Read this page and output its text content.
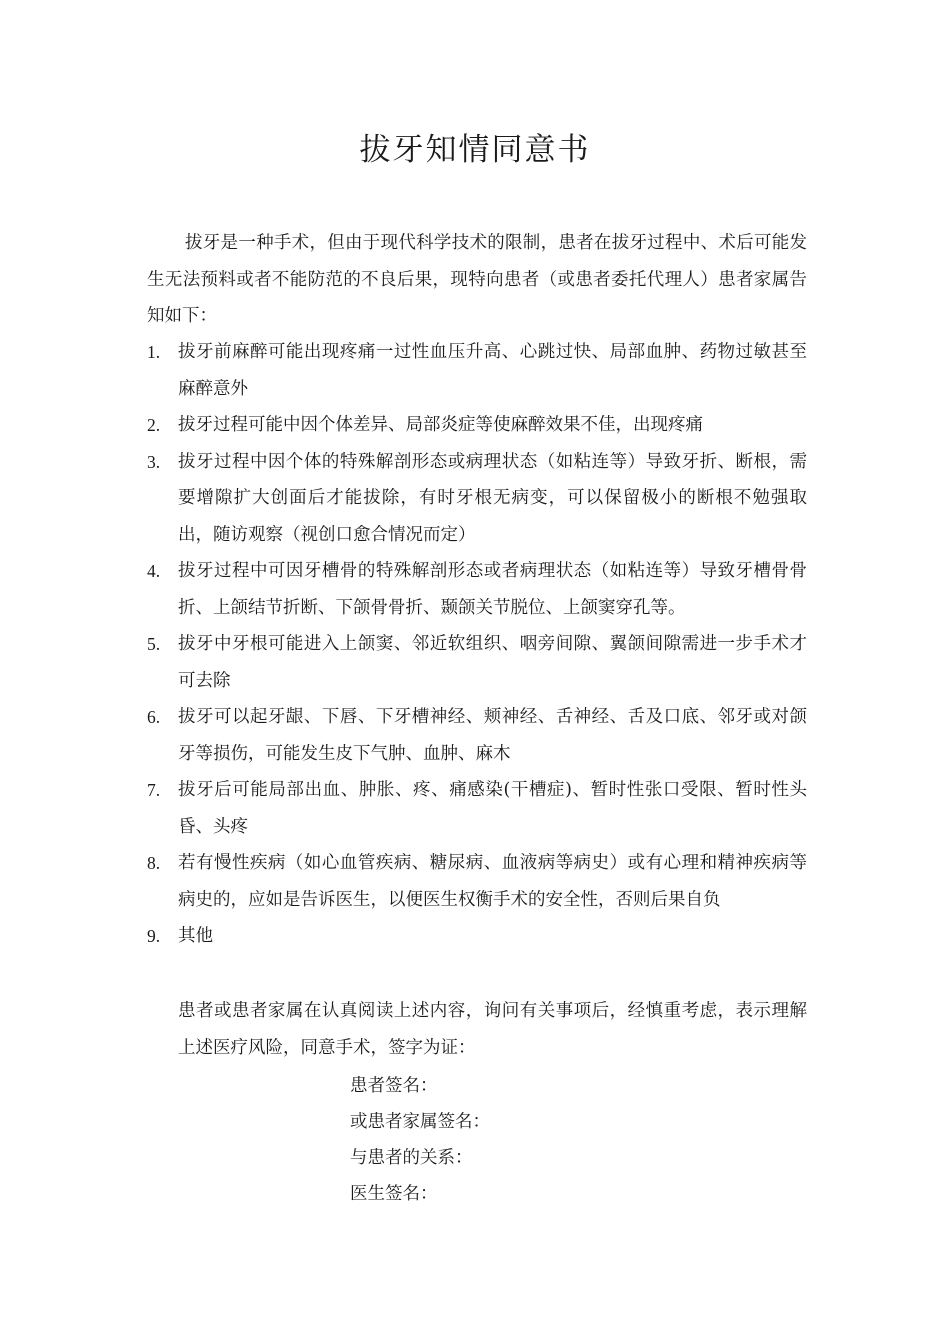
拔牙知情同意书
拔牙是一种手术，但由于现代科学技术的限制，患者在拔牙过程中、术后可能发生无法预料或者不能防范的不良后果，现特向患者（或患者委托代理人）患者家属告知如下：
1. 拔牙前麻醉可能出现疼痛一过性血压升高、心跳过快、局部血肿、药物过敏甚至麻醉意外
2. 拔牙过程可能中因个体差异、局部炎症等使麻醉效果不佳，出现疼痛
3. 拔牙过程中因个体的特殊解剖形态或病理状态（如粘连等）导致牙折、断根，需要增隙扩大创面后才能拔除，有时牙根无病变，可以保留极小的断根不勉强取出，随访观察（视创口愈合情况而定）
4. 拔牙过程中可因牙槽骨的特殊解剖形态或者病理状态（如粘连等）导致牙槽骨骨折、上颌结节折断、下颌骨骨折、颞颌关节脱位、上颌窦穿孔等。
5. 拔牙中牙根可能进入上颌窦、邻近软组织、咽旁间隙、翼颌间隙需进一步手术才可去除
6. 拔牙可以起牙龈、下唇、下牙槽神经、颊神经、舌神经、舌及口底、邻牙或对颌牙等损伤，可能发生皮下气肿、血肿、麻木
7. 拔牙后可能局部出血、肿胀、疼、痛感染(干槽症)、暂时性张口受限、暂时性头昏、头疼
8. 若有慢性疾病（如心血管疾病、糖尿病、血液病等病史）或有心理和精神疾病等病史的，应如是告诉医生，以便医生权衡手术的安全性，否则后果自负
9. 其他
患者或患者家属在认真阅读上述内容，询问有关事项后，经慎重考虑，表示理解上述医疗风险，同意手术，签字为证：
患者签名：
或患者家属签名：
与患者的关系：
医生签名：
